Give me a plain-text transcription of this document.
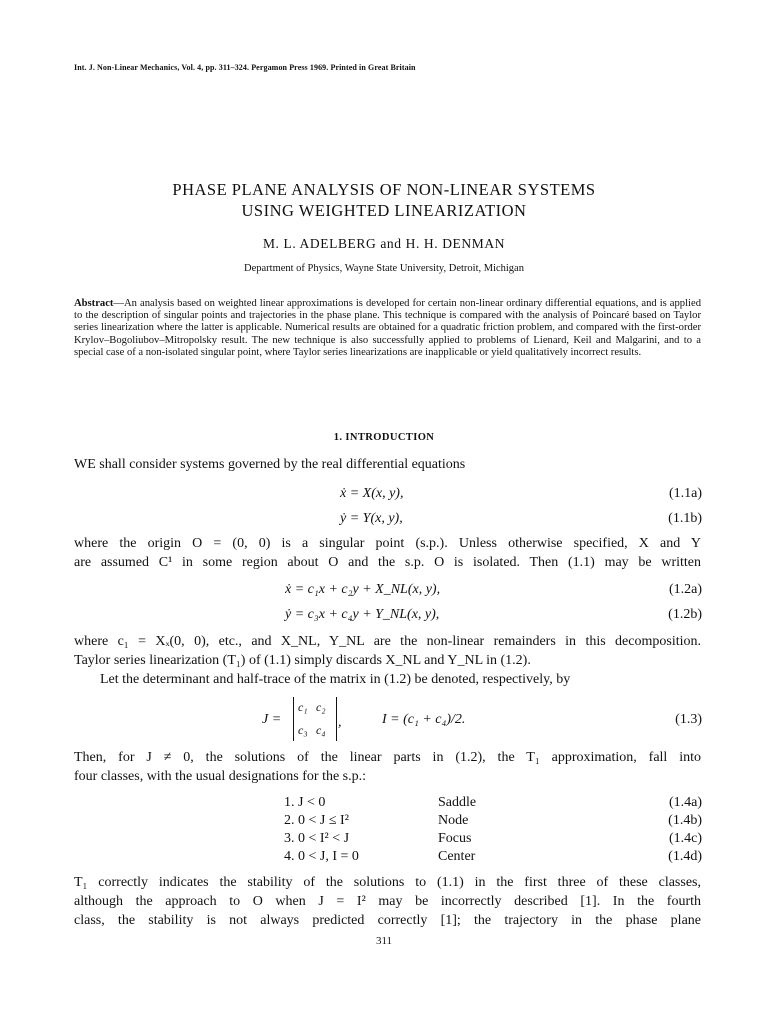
Int. J. Non-Linear Mechanics, Vol. 4, pp. 311–324. Pergamon Press 1969. Printed in Great Britain
PHASE PLANE ANALYSIS OF NON-LINEAR SYSTEMS
USING WEIGHTED LINEARIZATION
M. L. ADELBERG and H. H. DENMAN
Department of Physics, Wayne State University, Detroit, Michigan
Abstract—An analysis based on weighted linear approximations is developed for certain non-linear ordinary differential equations, and is applied to the description of singular points and trajectories in the phase plane. This technique is compared with the analysis of Poincaré based on Taylor series linearization where the latter is applicable. Numerical results are obtained for a quadratic friction problem, and compared with the first-order Krylov–Bogoliubov–Mitropolsky result. The new technique is also successfully applied to problems of Lienard, Keil and Malgarini, and to a special case of a non-isolated singular point, where Taylor series linearizations are inapplicable or yield qualitatively incorrect results.
1. INTRODUCTION
WE shall consider systems governed by the real differential equations
ẋ = X(x, y),	(1.1a)
ẏ = Y(x, y),	(1.1b)
where the origin O = (0, 0) is a singular point (s.p.). Unless otherwise specified, X and Y
are assumed C¹ in some region about O and the s.p. O is isolated. Then (1.1) may be written
ẋ = c₁x + c₂y + X_NL(x, y),	(1.2a)
ẏ = c₃x + c₄y + Y_NL(x, y),	(1.2b)
where c₁ = Xₓ(0, 0), etc., and X_NL, Y_NL are the non-linear remainders in this decomposition.
Taylor series linearization (T₁) of (1.1) simply discards X_NL and Y_NL in (1.2).
Let the determinant and half-trace of the matrix in (1.2) be denoted, respectively, by
J =
c₁ c₂
c₃ c₄ ,	I = (c₁ + c₄)/2.	(1.3)
Then, for J ≠ 0, the solutions of the linear parts in (1.2), the T₁ approximation, fall into
four classes, with the usual designations for the s.p.:
1. J < 0	Saddle	(1.4a)
2. 0 < J ≤ I²	Node	(1.4b)
3. 0 < I² < J	Focus	(1.4c)
4. 0 < J, I = 0	Center	(1.4d)
T₁ correctly indicates the stability of the solutions to (1.1) in the first three of these classes,
although the approach to O when J = I² may be incorrectly described [1]. In the fourth
class, the stability is not always predicted correctly [1]; the trajectory in the phase plane
311
